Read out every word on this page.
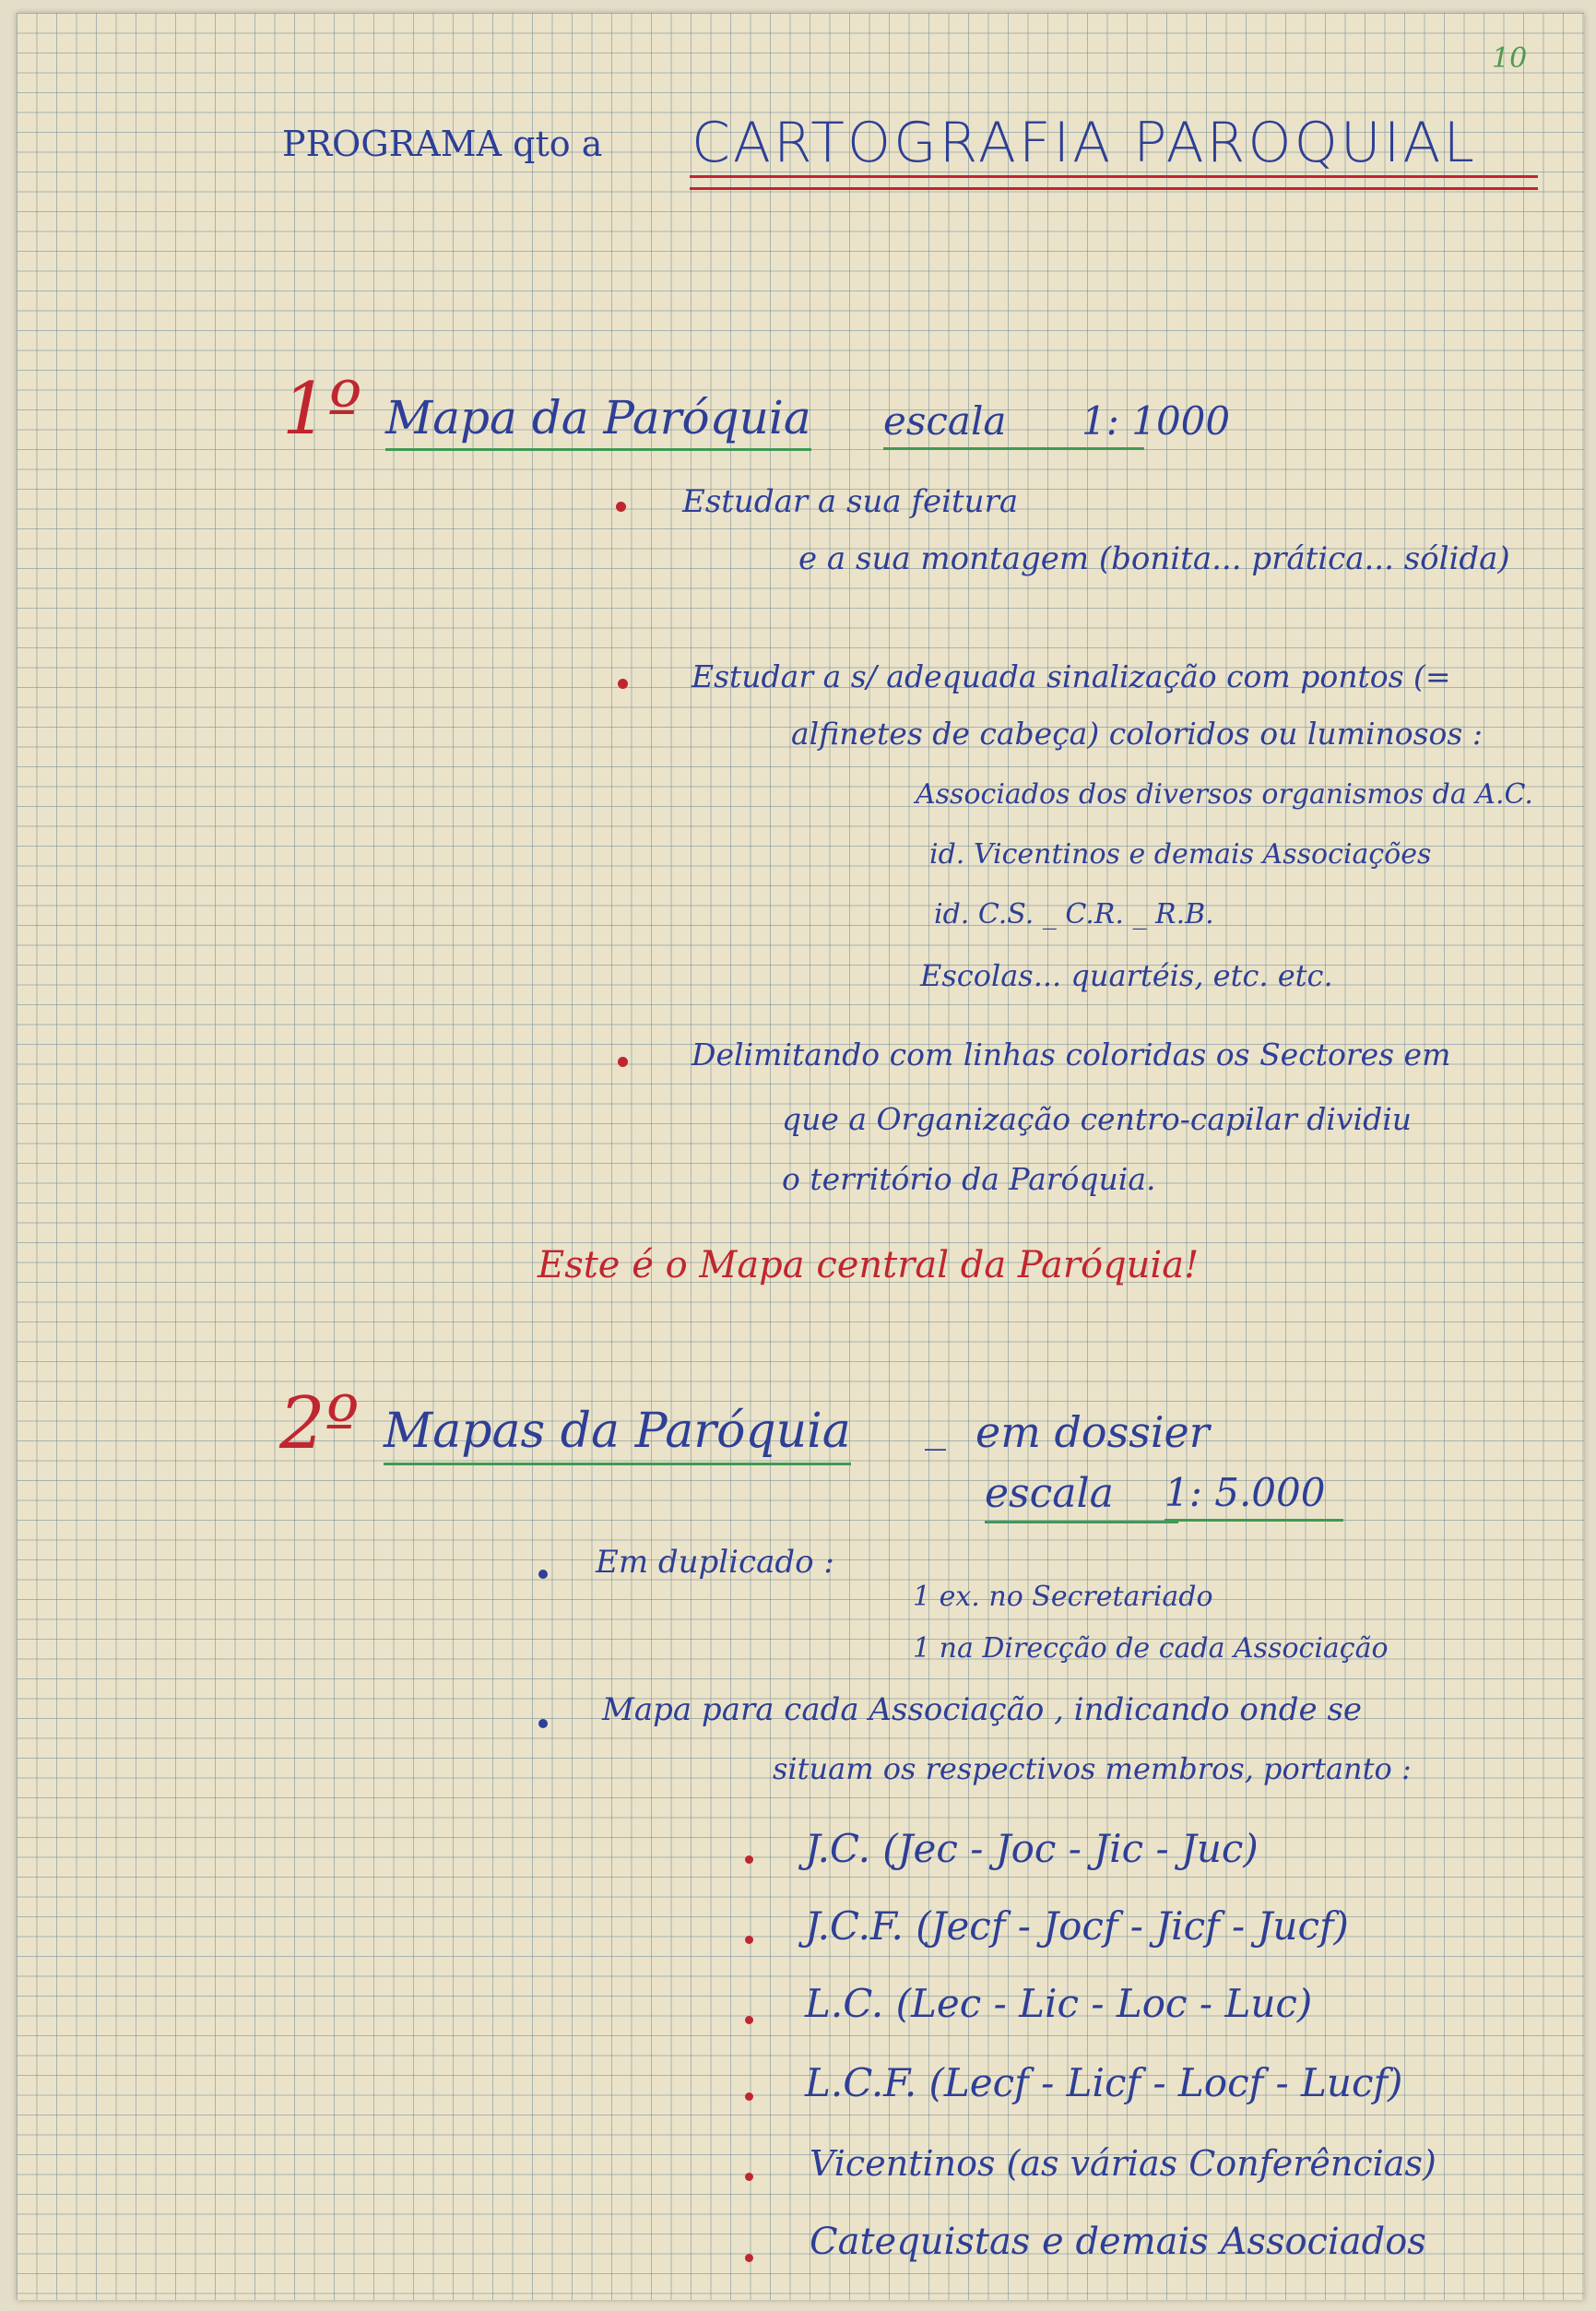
10
PROGRAMA qto a CARTOGRAFIA PAROQUIAL
1º Mapa da Paróquia escala	1: 1000
Estudar a sua feitura
e a sua montagem (bonita... prática... sólida)
Estudar a s/ adequada sinalização com pontos (=
alfinetes de cabeça) coloridos ou luminosos :
Associados dos diversos organismos da A.C.
id. Vicentinos e demais Associações
id. C.S. _ C.R. _ R.B.
Escolas... quartéis, etc. etc.
Delimitando com linhas coloridas os Sectores em
que a Organização centro-capilar dividiu
o território da Paróquia.
Este é o Mapa central da Paróquia!
2º Mapas da Paróquia _ em dossier
escala	1: 5.000
Em duplicado :
1 ex. no Secretariado
1 na Direcção de cada Associação
Mapa para cada Associação , indicando onde se
situam os respectivos membros, portanto :
J.C. (Jec - Joc - Jic - Juc)
J.C.F. (Jecf - Jocf - Jicf - Jucf)
L.C. (Lec - Lic - Loc - Luc)
L.C.F. (Lecf - Licf - Locf - Lucf)
Vicentinos (as várias Conferências)
Catequistas e demais Associados
